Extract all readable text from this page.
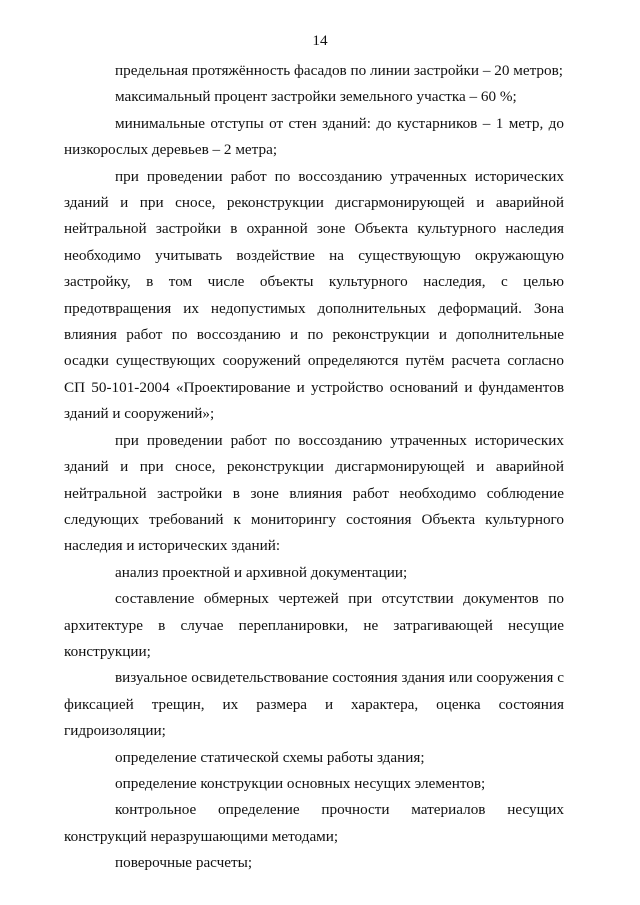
14

предельная протяжённость фасадов по линии застройки – 20 метров;

максимальный процент застройки земельного участка – 60 %;

минимальные отступы от стен зданий: до кустарников – 1 метр, до низкорослых деревьев – 2 метра;

при проведении работ по воссозданию утраченных исторических зданий и при сносе, реконструкции дисгармонирующей и аварийной нейтральной застройки в охранной зоне Объекта культурного наследия необходимо учитывать воздействие на существующую окружающую застройку, в том числе объекты культурного наследия, с целью предотвращения их недопустимых дополнительных деформаций. Зона влияния работ по воссозданию и по реконструкции и дополнительные осадки существующих сооружений определяются путём расчета согласно СП 50-101-2004 «Проектирование и устройство оснований и фундаментов зданий и сооружений»;

при проведении работ по воссозданию утраченных исторических зданий и при сносе, реконструкции дисгармонирующей и аварийной нейтральной застройки в зоне влияния работ необходимо соблюдение следующих требований к мониторингу состояния Объекта культурного наследия и исторических зданий:

анализ проектной и архивной документации;

составление обмерных чертежей при отсутствии документов по архитектуре в случае перепланировки, не затрагивающей несущие конструкции;

визуальное освидетельствование состояния здания или сооружения с фиксацией трещин, их размера и характера, оценка состояния гидроизоляции;

определение статической схемы работы здания;

определение конструкции основных несущих элементов;

контрольное определение прочности материалов несущих конструкций неразрушающими методами;

поверочные расчеты;
